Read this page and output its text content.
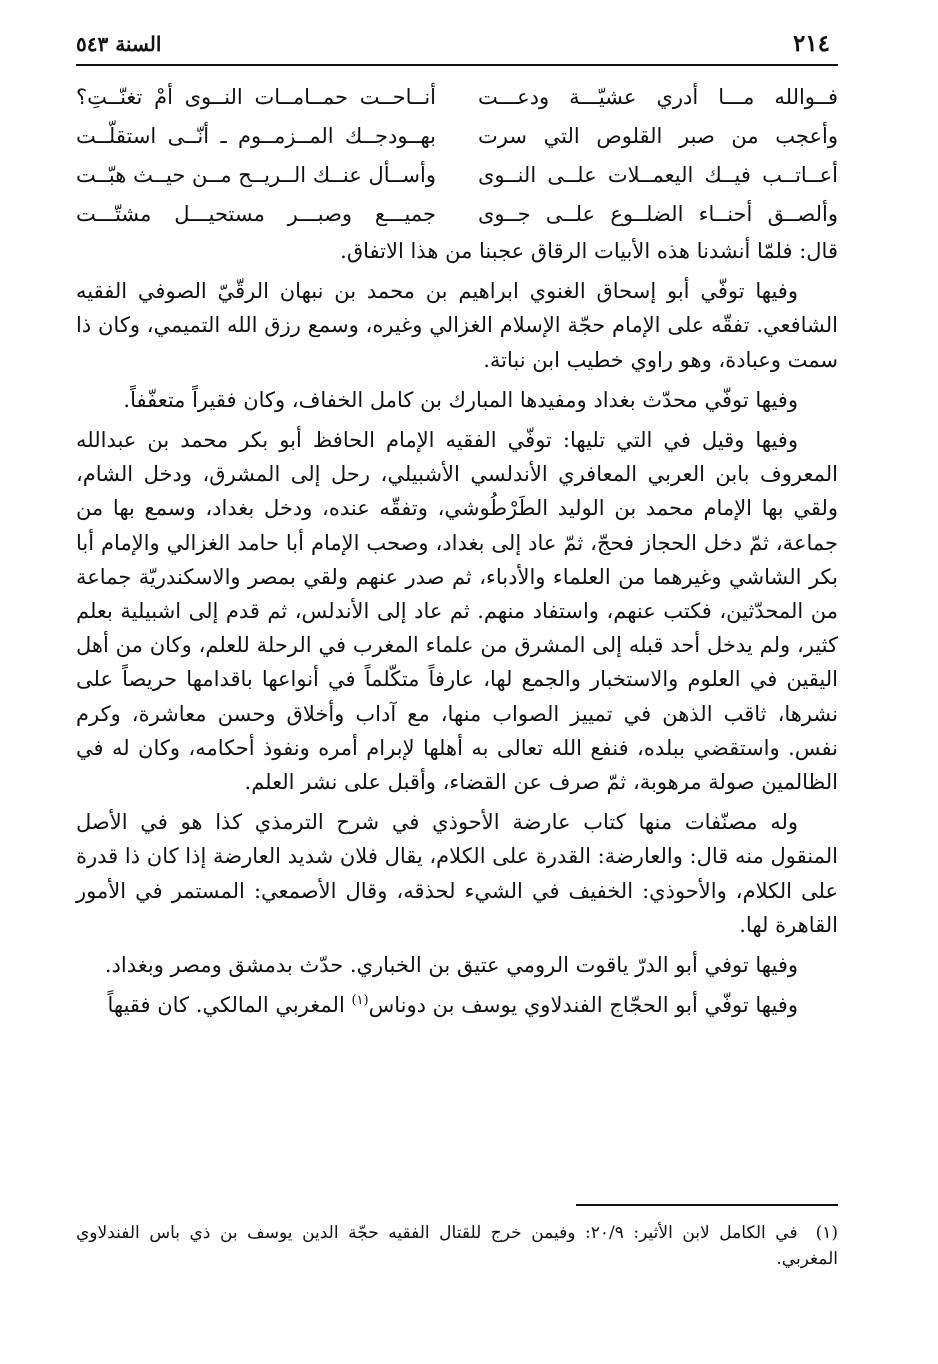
٢١٤
السنة ٥٤٣
فــوالله مـــا أدري عشيّـــة ودعـــت
أنــاحــت حمــامــات النــوى أمْ تغنّــتِ؟
وأعجب من صبر القلوص التي سرت
بهــودجــك المــزمــوم ـ أنّــى استقلّــت
أعــاتــب فيــك اليعمــلات علــى النــوى
وأســأل عنــك الــريــح مــن حيــث هبّــت
وألصــق أحنــاء الضلــوع علــى جــوى
جميـــع وصبـــر مستحيـــل مشتّـــت

قال: فلمّا أنشدنا هذه الأبيات الرقاق عجبنا من هذا الاتفاق.

وفيها توفّي أبو إسحاق الغنوي ابراهيم بن محمد بن نبهان الرقّيّ الصوفي الفقيه الشافعي. تفقّه على الإمام حجّة الإسلام الغزالي وغيره، وسمع رزق الله التميمي، وكان ذا سمت وعبادة، وهو راوي خطيب ابن نباتة.

وفيها توفّي محدّث بغداد ومفيدها المبارك بن كامل الخفاف، وكان فقيراً متعفّفاً.

وفيها وقيل في التي تليها: توفّي الفقيه الإمام الحافظ أبو بكر محمد بن عبدالله المعروف بابن العربي المعافري الأندلسي الأشبيلي، رحل إلى المشرق، ودخل الشام، ولقي بها الإمام محمد بن الوليد الطَرْطُوشي، وتفقّه عنده، ودخل بغداد، وسمع بها من جماعة، ثمّ دخل الحجاز فحجّ، ثمّ عاد إلى بغداد، وصحب الإمام أبا حامد الغزالي والإمام أبا بكر الشاشي وغيرهما من العلماء والأدباء، ثم صدر عنهم ولقي بمصر والاسكندريّة جماعة من المحدّثين، فكتب عنهم، واستفاد منهم. ثم عاد إلى الأندلس، ثم قدم إلى اشبيلية بعلم كثير، ولم يدخل أحد قبله إلى المشرق من علماء المغرب في الرحلة للعلم، وكان من أهل اليقين في العلوم والاستخبار والجمع لها، عارفاً متكّلماً في أنواعها باقدامها حريصاً على نشرها، ثاقب الذهن في تمييز الصواب منها، مع آداب وأخلاق وحسن معاشرة، وكرم نفس. واستقضي ببلده، فنفع الله تعالى به أهلها لإبرام أمره ونفوذ أحكامه، وكان له في الظالمين صولة مرهوبة، ثمّ صرف عن القضاء، وأقبل على نشر العلم.

وله مصنّفات منها كتاب عارضة الأحوذي في شرح الترمذي كذا هو في الأصل المنقول منه قال: والعارضة: القدرة على الكلام، يقال فلان شديد العارضة إذا كان ذا قدرة على الكلام، والأحوذي: الخفيف في الشيء لحذقه، وقال الأصمعي: المستمر في الأمور القاهرة لها.

وفيها توفي أبو الدرّ ياقوت الرومي عتيق بن الخباري. حدّث بدمشق ومصر وبغداد.

وفيها توفّي أبو الحجّاج الفندلاوي يوسف بن دوناس$^{(١)}$ المغربي المالكي. كان فقيهاً

(١)في الكامل لابن الأثير: ٢٠/٩: وفيمن خرج للقتال الفقيه حجّة الدين يوسف بن ذي باس الفندلاوي المغربي.
